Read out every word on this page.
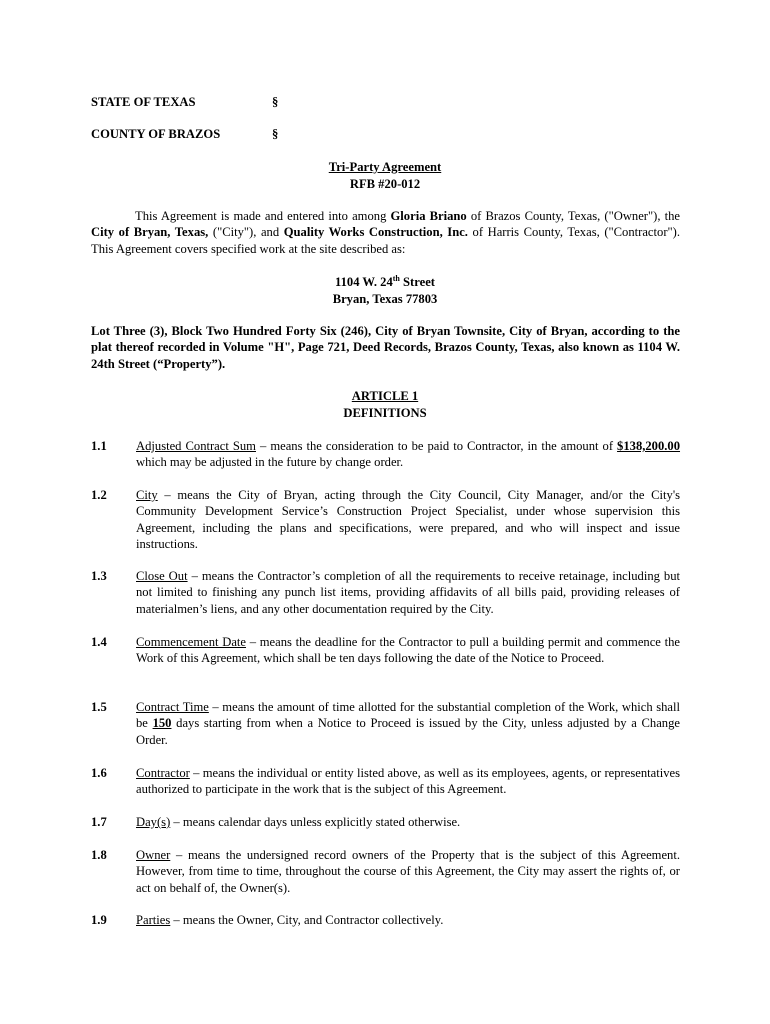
STATE OF TEXAS	§
COUNTY OF BRAZOS	§
Tri-Party Agreement
RFB #20-012
This Agreement is made and entered into among Gloria Briano of Brazos County, Texas, ("Owner"), the City of Bryan, Texas, ("City"), and Quality Works Construction, Inc. of Harris County, Texas, ("Contractor"). This Agreement covers specified work at the site described as:
1104 W. 24th Street
Bryan, Texas 77803
Lot Three (3), Block Two Hundred Forty Six (246), City of Bryan Townsite, City of Bryan, according to the plat thereof recorded in Volume "H", Page 721, Deed Records, Brazos County, Texas, also known as 1104 W. 24th Street (“Property”).
ARTICLE 1
DEFINITIONS
1.1 Adjusted Contract Sum – means the consideration to be paid to Contractor, in the amount of $138,200.00 which may be adjusted in the future by change order.
1.2 City – means the City of Bryan, acting through the City Council, City Manager, and/or the City's Community Development Service’s Construction Project Specialist, under whose supervision this Agreement, including the plans and specifications, were prepared, and who will inspect and issue instructions.
1.3 Close Out – means the Contractor’s completion of all the requirements to receive retainage, including but not limited to finishing any punch list items, providing affidavits of all bills paid, providing releases of materialmen’s liens, and any other documentation required by the City.
1.4 Commencement Date – means the deadline for the Contractor to pull a building permit and commence the Work of this Agreement, which shall be ten days following the date of the Notice to Proceed.
1.5 Contract Time – means the amount of time allotted for the substantial completion of the Work, which shall be 150 days starting from when a Notice to Proceed is issued by the City, unless adjusted by a Change Order.
1.6 Contractor – means the individual or entity listed above, as well as its employees, agents, or representatives authorized to participate in the work that is the subject of this Agreement.
1.7 Day(s) – means calendar days unless explicitly stated otherwise.
1.8 Owner – means the undersigned record owners of the Property that is the subject of this Agreement. However, from time to time, throughout the course of this Agreement, the City may assert the rights of, or act on behalf of, the Owner(s).
1.9 Parties – means the Owner, City, and Contractor collectively.
